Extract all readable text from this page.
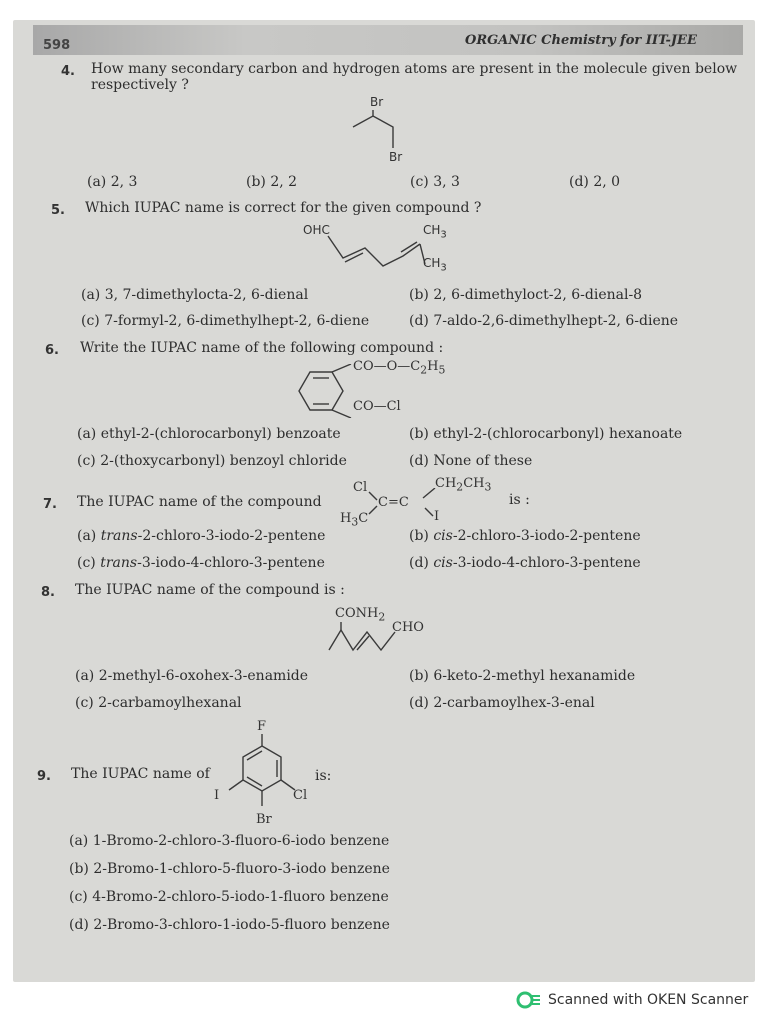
598	ORGANIC Chemistry for IIT-JEE
4. How many secondary carbon and hydrogen atoms are present in the molecule given below
respectively ?
Br
Br
(a) 2, 3	(b) 2, 2	(c) 3, 3	(d) 2, 0
5. Which IUPAC name is correct for the given compound ?
OHC	$CH_3$
$CH_3$
(a) 3, 7-dimethylocta-2, 6-dienal	(b) 2, 6-dimethyloct-2, 6-dienal-8
(c) 7-formyl-2, 6-dimethylhept-2, 6-diene	(d) 7-aldo-2,6-dimethylhept-2, 6-diene
6. Write the IUPAC name of the following compound :
$CO—O—C_2H_5$
CO—Cl
(a) ethyl-2-(chlorocarbonyl) benzoate	(b) ethyl-2-(chlorocarbonyl) hexanoate
(c) 2-(thoxycarbonyl) benzoyl chloride	(d) None of these
7. The IUPAC name of the compound
Cl
C=C
$CH_2CH_3$
$H_3C$	I
is :
(a) trans-2-chloro-3-iodo-2-pentene	(b) cis-2-chloro-3-iodo-2-pentene
(c) trans-3-iodo-4-chloro-3-pentene	(d) cis-3-iodo-4-chloro-3-pentene
8. The IUPAC name of the compound is :
$CONH_2$
CHO
(a) 2-methyl-6-oxohex-3-enamide	(b) 6-keto-2-methyl hexanamide
(c) 2-carbamoylhexanal	(d) 2-carbamoylhex-3-enal
F
9. The IUPAC name of
I	Cl
Br
is:
(a) 1-Bromo-2-chloro-3-fluoro-6-iodo benzene
(b) 2-Bromo-1-chloro-5-fluoro-3-iodo benzene
(c) 4-Bromo-2-chloro-5-iodo-1-fluoro benzene
(d) 2-Bromo-3-chloro-1-iodo-5-fluoro benzene
Scanned with OKEN Scanner
